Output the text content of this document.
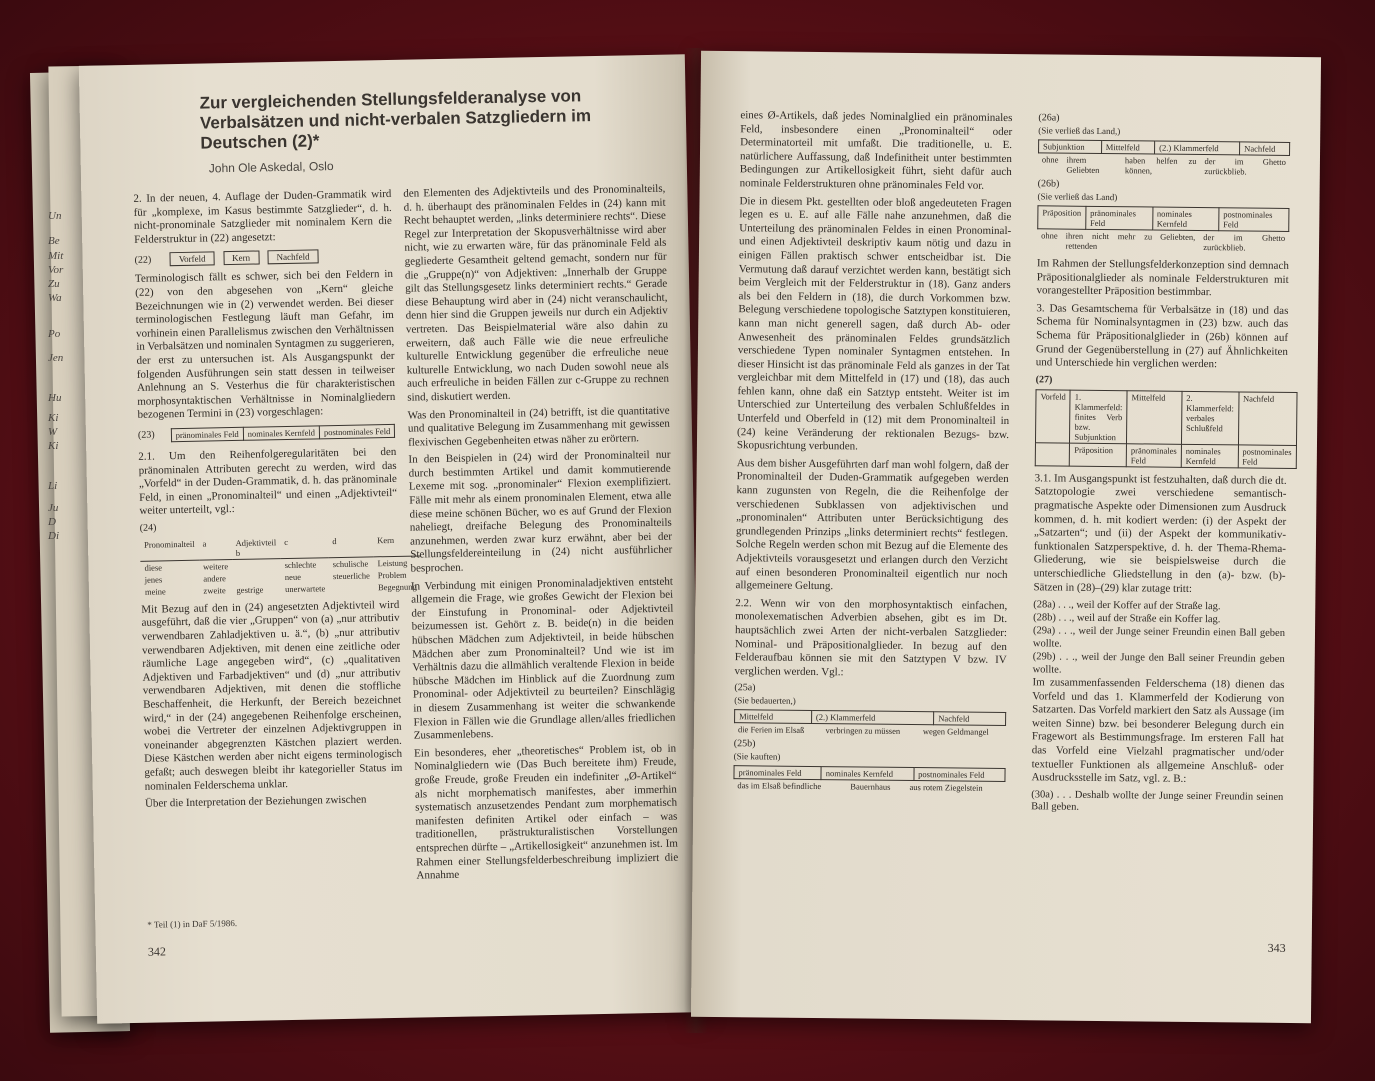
Un
Be
Mit
Vor
Zu
Wa
Po
Jen
Hu
Ki
W
Ki
Li
Ju
D
Di
Zur vergleichenden Stellungsfelderanalyse von Verbalsätzen und nicht-verbalen Satzgliedern im Deutschen (2)*
John Ole Askedal, Oslo

2. In der neuen, 4. Auflage der Duden-Grammatik wird für „komplexe, im Kasus bestimmte Satzglieder“, d. h. nicht-pronominale Satzglieder mit nominalem Kern die Felderstruktur in (22) angesetzt:

(22)	Vorfeld	Kern	Nachfeld

Terminologisch fällt es schwer, sich bei den Feldern in (22) von den abgesehen von „Kern“ gleiche Bezeichnungen wie in (2) verwendet werden. Bei dieser terminologischen Festlegung läuft man Gefahr, im vorhinein einen Parallelismus zwischen den Verhältnissen in Verbalsätzen und nominalen Syntagmen zu suggerieren, der erst zu untersuchen ist. Als Ausgangspunkt der folgenden Ausführungen sein statt dessen in teilweiser Anlehnung an S. Vesterhus die für charakteristischen morphosyntaktischen Verhältnisse in Nominalgliedern bezogenen Termini in (23) vorgeschlagen:

(23) pränominales Feld	nominales Kernfeld	postnominales Feld

2.1. Um den Reihenfolgeregularitäten bei den pränominalen Attributen gerecht zu werden, wird das „Vorfeld“ in der Duden-Grammatik, d. h. das pränominale Feld, in einen „Pronominalteil“ und einen „Adjektivteil“ weiter unterteilt, vgl.:

(24)
Pronominalteil	a	Adjektivteil b	c	d	Kern
diese	weitere		schlechte	schulische	Leistung
jenes	andere		neue	steuerliche	Problem
meine	zweite	gestrige	unerwartete		Begegnung

Mit Bezug auf den in (24) angesetzten Adjektivteil wird ausgeführt, daß die vier „Gruppen“ von (a) „nur attributiv verwendbaren Zahladjektiven u. ä.“, (b) „nur attributiv verwendbaren Adjektiven, mit denen eine zeitliche oder räumliche Lage angegeben wird“, (c) „qualitativen Adjektiven und Farbadjektiven“ und (d) „nur attributiv verwendbaren Adjektiven, mit denen die stoffliche Beschaffenheit, die Herkunft, der Bereich bezeichnet wird,“ in der (24) angegebenen Reihenfolge erscheinen, wobei die Vertreter der einzelnen Adjektivgruppen in voneinander abgegrenzten Kästchen plaziert werden. Diese Kästchen werden aber nicht eigens terminologisch gefaßt; auch deswegen bleibt ihr kategorieller Status im nominalen Felderschema unklar.

Über die Interpretation der Beziehungen zwischen

* Teil (1) in DaF 5/1986.
342

den Elementen des Adjektivteils und des Pronominalteils, d. h. überhaupt des pränominalen Feldes in (24) kann mit Recht behauptet werden, „links determiniere rechts“. Diese Regel zur Interpretation der Skopusverhältnisse wird aber nicht, wie zu erwarten wäre, für das pränominale Feld als gegliederte Gesamtheit geltend gemacht, sondern nur für die „Gruppe(n)“ von Adjektiven: „Innerhalb der Gruppe gilt das Stellungsgesetz links determiniert rechts.“ Gerade diese Behauptung wird aber in (24) nicht veranschaulicht, denn hier sind die Gruppen jeweils nur durch ein Adjektiv vertreten. Das Beispielmaterial wäre also dahin zu erweitern, daß auch Fälle wie die neue erfreuliche kulturelle Entwicklung gegenüber die erfreuliche neue kulturelle Entwicklung, wo nach Duden sowohl neue als auch erfreuliche in beiden Fällen zur c-Gruppe zu rechnen sind, diskutiert werden.

Was den Pronominalteil in (24) betrifft, ist die quantitative und qualitative Belegung im Zusammenhang mit gewissen flexivischen Gegebenheiten etwas näher zu erörtern.

In den Beispielen in (24) wird der Pronominalteil nur durch bestimmten Artikel und damit kommutierende Lexeme mit sog. „pronominaler“ Flexion exemplifiziert. Fälle mit mehr als einem pronominalen Element, etwa alle diese meine schönen Bücher, wo es auf Grund der Flexion naheliegt, dreifache Belegung des Pronominalteils anzunehmen, werden zwar kurz erwähnt, aber bei der Stellungsfeldereinteilung in (24) nicht ausführlicher besprochen.

In Verbindung mit einigen Pronominaladjektiven entsteht allgemein die Frage, wie großes Gewicht der Flexion bei der Einstufung in Pronominal- oder Adjektivteil beizumessen ist. Gehört z. B. beide(n) in die beiden hübschen Mädchen zum Adjektivteil, in beide hübschen Mädchen aber zum Pronominalteil? Und wie ist im Verhältnis dazu die allmählich veraltende Flexion in beide hübsche Mädchen im Hinblick auf die Zuordnung zum Pronominal- oder Adjektivteil zu beurteilen? Einschlägig in diesem Zusammenhang ist weiter die schwankende Flexion in Fällen wie die Grundlage allen/alles friedlichen Zusammenlebens.

Ein besonderes, eher „theoretisches“ Problem ist, ob in Nominalgliedern wie (Das Buch bereitete ihm) Freude, große Freude, große Freuden ein indefiniter „Ø-Artikel“ als nicht morphematisch manifestes, aber immerhin systematisch anzusetzendes Pendant zum morphematisch manifesten definiten Artikel oder einfach – was traditionellen, prästrukturalistischen Vorstellungen entsprechen dürfte – „Artikellosigkeit“ anzunehmen ist. Im Rahmen einer Stellungsfelderbeschreibung impliziert die Annahme

eines Ø-Artikels, daß jedes Nominalglied ein pränominales Feld, insbesondere einen „Pronominalteil“ oder Determinatorteil mit umfaßt. Die traditionelle, u. E. natürlichere Auffassung, daß Indefinitheit unter bestimmten Bedingungen zur Artikellosigkeit führt, sieht dafür auch nominale Felderstrukturen ohne pränominales Feld vor.

Die in diesem Pkt. gestellten oder bloß angedeuteten Fragen legen es u. E. auf alle Fälle nahe anzunehmen, daß die Unterteilung des pränominalen Feldes in einen Pronominal- und einen Adjektivteil deskriptiv kaum nötig und dazu in einigen Fällen praktisch schwer entscheidbar ist. Die Vermutung daß darauf verzichtet werden kann, bestätigt sich beim Vergleich mit der Felderstruktur in (18). Ganz anders als bei den Feldern in (18), die durch Vorkommen bzw. Belegung verschiedene topologische Satztypen konstituieren, kann man nicht generell sagen, daß durch Ab- oder Anwesenheit des pränominalen Feldes grundsätzlich verschiedene Typen nominaler Syntagmen entstehen. In dieser Hinsicht ist das pränominale Feld als ganzes in der Tat vergleichbar mit dem Mittelfeld in (17) und (18), das auch fehlen kann, ohne daß ein Satztyp entsteht. Weiter ist im Unterschied zur Unterteilung des verbalen Schlußfeldes in Unterfeld und Oberfeld in (12) mit dem Pronominalteil in (24) keine Veränderung der rektionalen Bezugs- bzw. Skopusrichtung verbunden.

Aus dem bisher Ausgeführten darf man wohl folgern, daß der Pronominalteil der Duden-Grammatik aufgegeben werden kann zugunsten von Regeln, die die Reihenfolge der verschiedenen Subklassen von adjektivischen und „pronominalen“ Attributen unter Berücksichtigung des grundlegenden Prinzips „links determiniert rechts“ festlegen. Solche Regeln werden schon mit Bezug auf die Elemente des Adjektivteils vorausgesetzt und erlangen durch den Verzicht auf einen besonderen Pronominalteil eigentlich nur noch allgemeinere Geltung.

2.2. Wenn wir von den morphosyntaktisch einfachen, monolexematischen Adverbien absehen, gibt es im Dt. hauptsächlich zwei Arten der nicht-verbalen Satzglieder: Nominal- und Präpositionalglieder. In bezug auf den Felderaufbau können sie mit den Satztypen V bzw. IV verglichen werden. Vgl.:

(25a)
(Sie bedauerten,)
Mittelfeld	(2.) Klammerfeld	Nachfeld
die Ferien im Elsaß	verbringen zu müssen	wegen Geldmangel
(25b)
(Sie kauften)
pränominales Feld	nominales Kernfeld	postnominales Feld
das im Elsaß befindliche	Bauernhaus	aus rotem Ziegelstein
(26a)
(Sie verließ das Land,)
Subjunktion	Mittelfeld	(2.) Klammerfeld	Nachfeld
ohne	ihrem Geliebten	haben helfen zu können,	der im Ghetto zurückblieb.
(26b)
(Sie verließ das Land)
Präposition	pränominales Feld	nominales Kernfeld	postnominales Feld
ohne	ihren nicht mehr zu rettenden	Geliebten,	der im Ghetto zurückblieb.

Im Rahmen der Stellungsfelderkonzeption sind demnach Präpositionalglieder als nominale Felderstrukturen mit vorangestellter Präposition bestimmbar.

3. Das Gesamtschema für Verbalsätze in (18) und das Schema für Nominalsyntagmen in (23) bzw. auch das Schema für Präpositionalglieder in (26b) können auf Grund der Gegenüberstellung in (27) auf Ähnlichkeiten und Unterschiede hin verglichen werden:

(27)
Vorfeld	1. Klammerfeld: finites Verb bzw. Subjunktion	Mittelfeld	2. Klammerfeld: verbales Schlußfeld	Nachfeld
	Präposition	pränominales Feld	nominales Kernfeld	postnominales Feld

3.1. Im Ausgangspunkt ist festzuhalten, daß durch die dt. Satztopologie zwei verschiedene semantisch-pragmatische Aspekte oder Dimensionen zum Ausdruck kommen, d. h. mit kodiert werden: (i) der Aspekt der „Satzarten“; und (ii) der Aspekt der kommunikativ-funktionalen Satzperspektive, d. h. der Thema-Rhema-Gliederung, wie sie beispielsweise durch die unterschiedliche Gliedstellung in den (a)- bzw. (b)-Sätzen in (28)–(29) klar zutage tritt:

(28a) . . ., weil der Koffer auf der Straße lag.
(28b) . . ., weil auf der Straße ein Koffer lag.
(29a) . . ., weil der Junge seiner Freundin einen Ball geben wollte.
(29b) . . ., weil der Junge den Ball seiner Freundin geben wollte.

Im zusammenfassenden Felderschema (18) dienen das Vorfeld und das 1. Klammerfeld der Kodierung von Satzarten. Das Vorfeld markiert den Satz als Aussage (im weiten Sinne) bzw. bei besonderer Belegung durch ein Fragewort als Bestimmungsfrage. Im ersteren Fall hat das Vorfeld eine Vielzahl pragmatischer und/oder textueller Funktionen als allgemeine Anschluß- oder Ausdrucksstelle im Satz, vgl. z. B.:

(30a) . . . Deshalb wollte der Junge seiner Freundin seinen Ball geben.
343
